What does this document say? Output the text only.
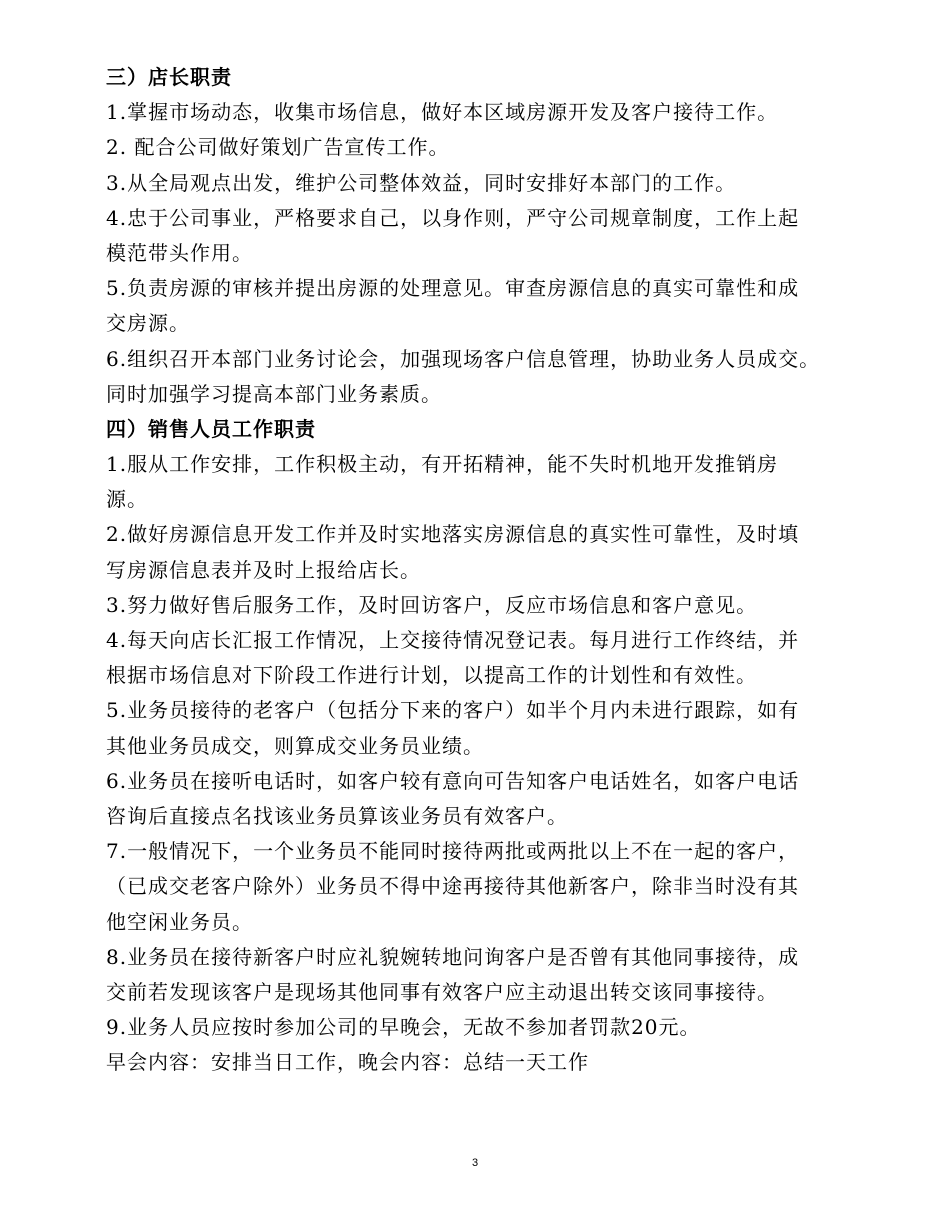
三）店长职责
1.掌握市场动态，收集市场信息，做好本区域房源开发及客户接待工作。
2. 配合公司做好策划广告宣传工作。
3.从全局观点出发，维护公司整体效益，同时安排好本部门的工作。
4.忠于公司事业，严格要求自己，以身作则，严守公司规章制度，工作上起
模范带头作用。
5.负责房源的审核并提出房源的处理意见。审查房源信息的真实可靠性和成
交房源。
6.组织召开本部门业务讨论会，加强现场客户信息管理，协助业务人员成交。
同时加强学习提高本部门业务素质。
四）销售人员工作职责
1.服从工作安排，工作积极主动，有开拓精神，能不失时机地开发推销房
源。
2.做好房源信息开发工作并及时实地落实房源信息的真实性可靠性，及时填
写房源信息表并及时上报给店长。
3.努力做好售后服务工作，及时回访客户，反应市场信息和客户意见。
4.每天向店长汇报工作情况，上交接待情况登记表。每月进行工作终结，并
根据市场信息对下阶段工作进行计划，以提高工作的计划性和有效性。
5.业务员接待的老客户（包括分下来的客户）如半个月内未进行跟踪，如有
其他业务员成交，则算成交业务员业绩。
6.业务员在接听电话时，如客户较有意向可告知客户电话姓名，如客户电话
咨询后直接点名找该业务员算该业务员有效客户。
7.一般情况下，一个业务员不能同时接待两批或两批以上不在一起的客户，
（已成交老客户除外）业务员不得中途再接待其他新客户，除非当时没有其
他空闲业务员。
8.业务员在接待新客户时应礼貌婉转地问询客户是否曾有其他同事接待，成
交前若发现该客户是现场其他同事有效客户应主动退出转交该同事接待。
9.业务人员应按时参加公司的早晚会，无故不参加者罚款20元。
早会内容：安排当日工作，晚会内容：总结一天工作
3
